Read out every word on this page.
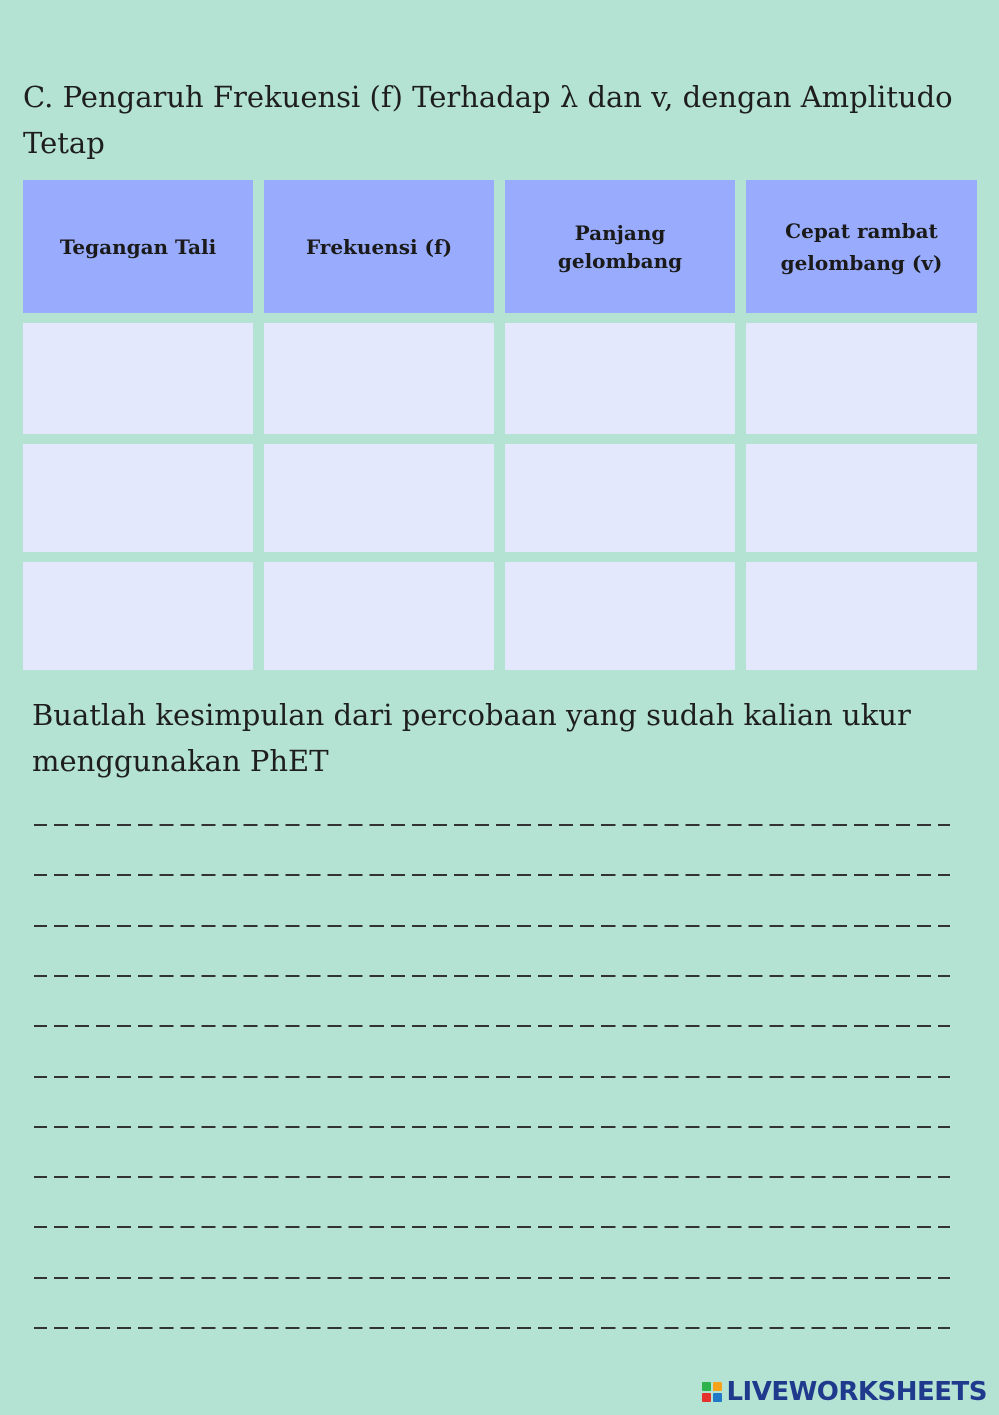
C. Pengaruh Frekuensi (f) Terhadap λ dan v, dengan Amplitudo Tetap
Tegangan Tali	Frekuensi (f)
Panjang gelombang
Cepat rambat gelombang (v)
Buatlah kesimpulan dari percobaan yang sudah kalian ukur menggunakan PhET
LIVEWORKSHEETS
